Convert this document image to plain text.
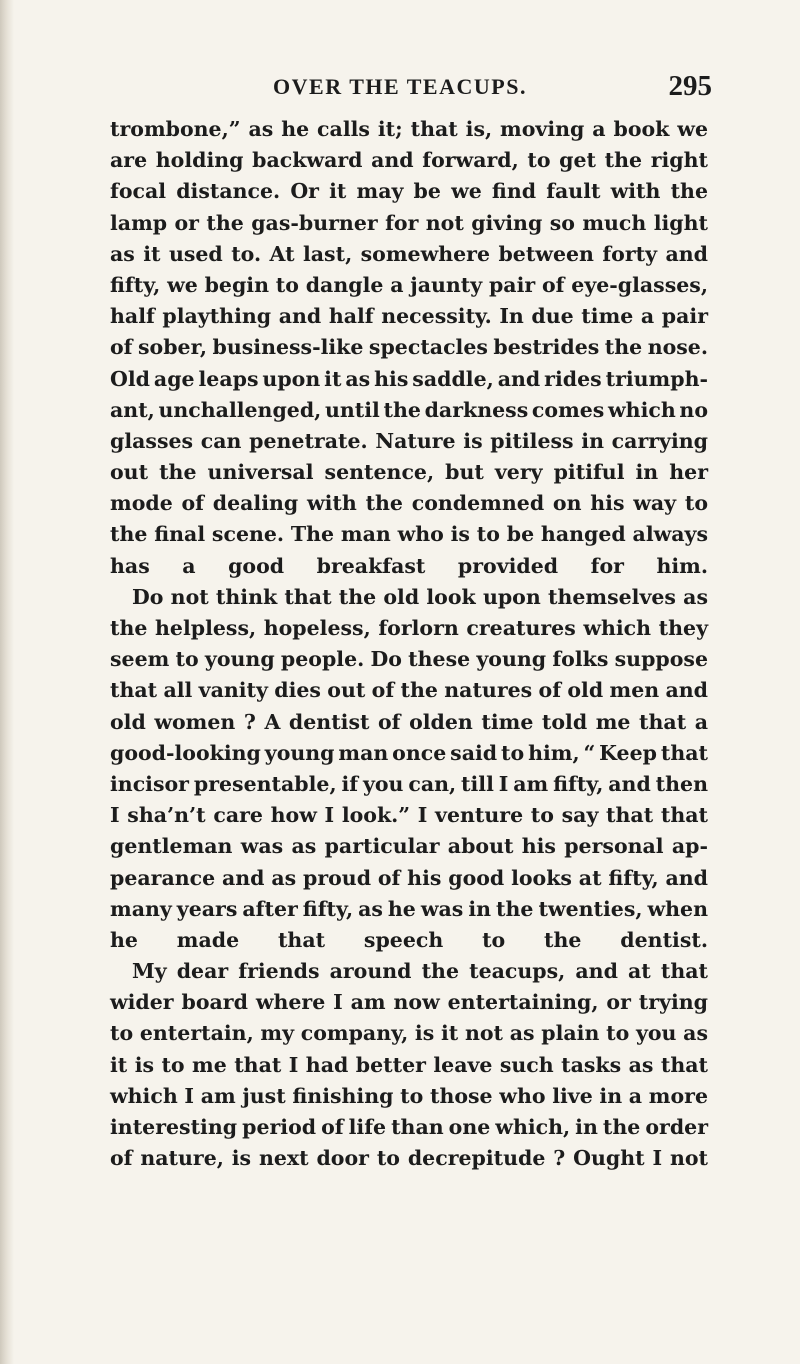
OVER THE TEACUPS.	295
trombone,” as he calls it; that is, moving a book we
are holding backward and forward, to get the right
focal distance. Or it may be we find fault with the
lamp or the gas-burner for not giving so much light
as it used to. At last, somewhere between forty and
fifty, we begin to dangle a jaunty pair of eye-glasses,
half plaything and half necessity. In due time a pair
of sober, business-like spectacles bestrides the nose.
Old age leaps upon it as his saddle, and rides triumph-
ant, unchallenged, until the darkness comes which no
glasses can penetrate. Nature is pitiless in carrying
out the universal sentence, but very pitiful in her
mode of dealing with the condemned on his way to
the final scene. The man who is to be hanged always
has a good breakfast provided for him.
Do not think that the old look upon themselves as
the helpless, hopeless, forlorn creatures which they
seem to young people. Do these young folks suppose
that all vanity dies out of the natures of old men and
old women ? A dentist of olden time told me that a
good-looking young man once said to him, “ Keep that
incisor presentable, if you can, till I am fifty, and then
I sha’n’t care how I look.” I venture to say that that
gentleman was as particular about his personal ap-
pearance and as proud of his good looks at fifty, and
many years after fifty, as he was in the twenties, when
he made that speech to the dentist.
My dear friends around the teacups, and at that
wider board where I am now entertaining, or trying
to entertain, my company, is it not as plain to you as
it is to me that I had better leave such tasks as that
which I am just finishing to those who live in a more
interesting period of life than one which, in the order
of nature, is next door to decrepitude ? Ought I not
